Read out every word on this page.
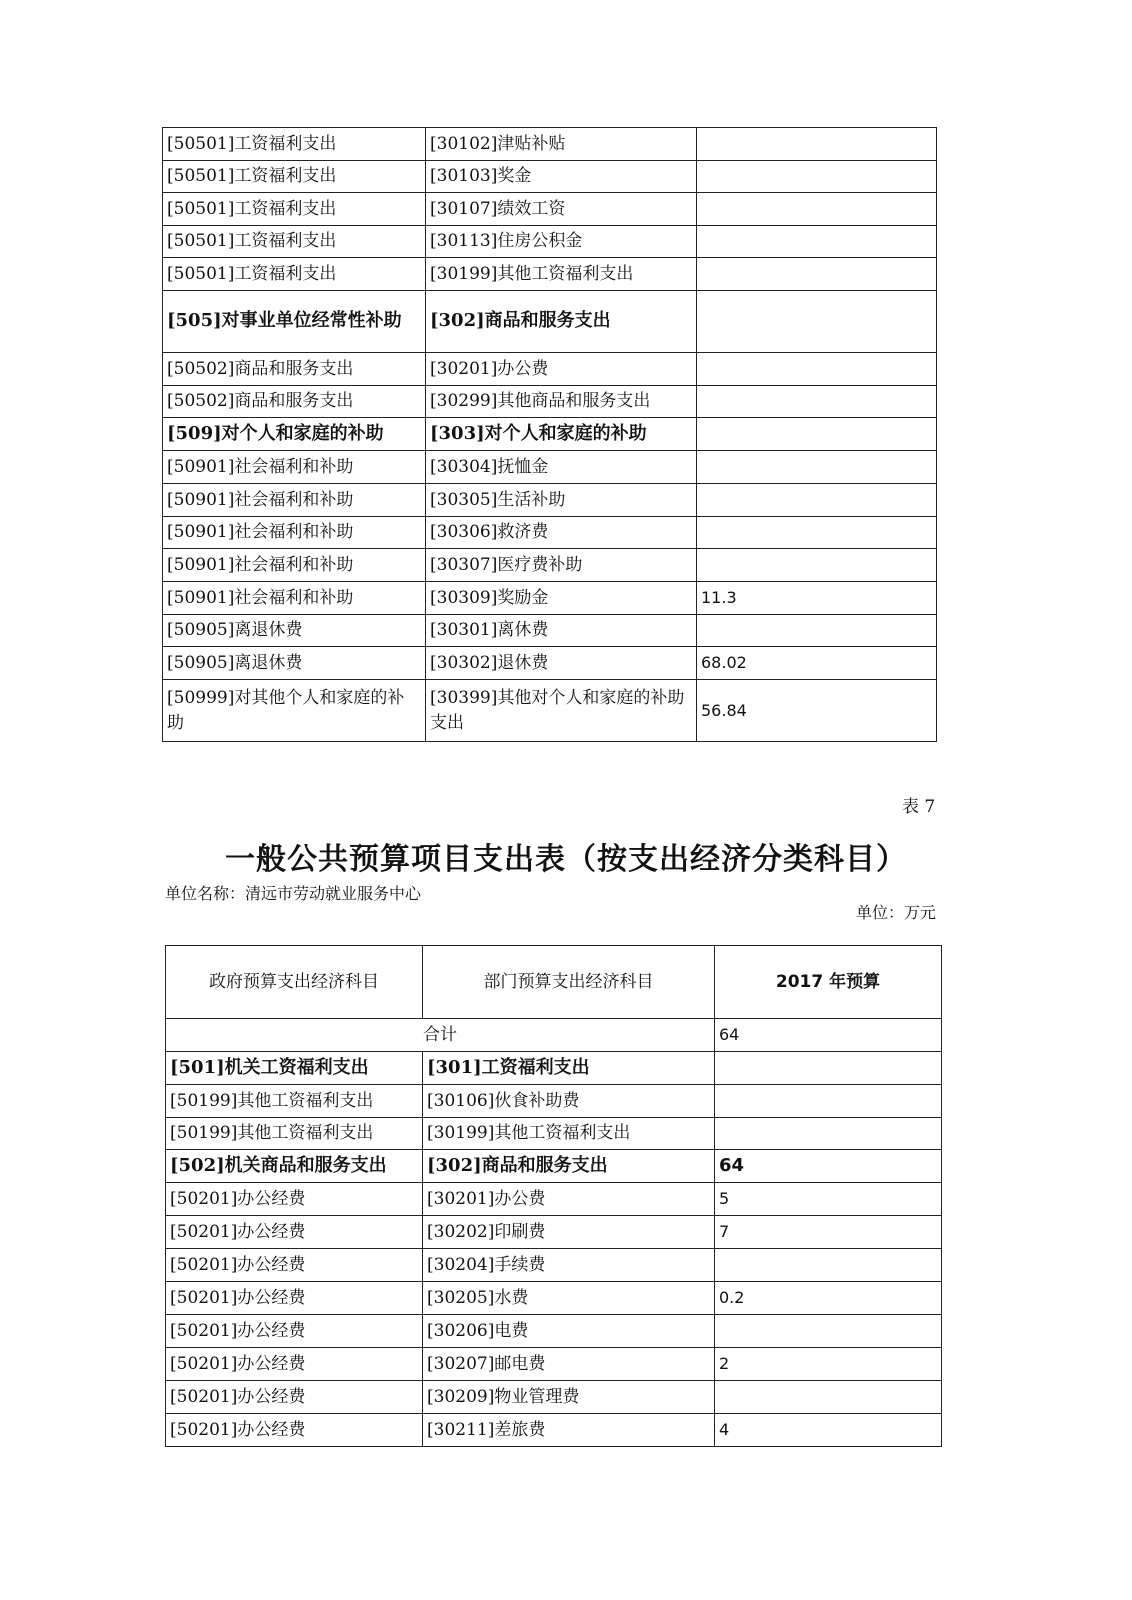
[50501]工资福利支出	[30102]津贴补贴	
[50501]工资福利支出	[30103]奖金	
[50501]工资福利支出	[30107]绩效工资	
[50501]工资福利支出	[30113]住房公积金	
[50501]工资福利支出	[30199]其他工资福利支出	
[505]对事业单位经常性补助	[302]商品和服务支出	
[50502]商品和服务支出	[30201]办公费	
[50502]商品和服务支出	[30299]其他商品和服务支出	
[509]对个人和家庭的补助	[303]对个人和家庭的补助	
[50901]社会福利和补助	[30304]抚恤金	
[50901]社会福利和补助	[30305]生活补助	
[50901]社会福利和补助	[30306]救济费	
[50901]社会福利和补助	[30307]医疗费补助	
[50901]社会福利和补助	[30309]奖励金	11.3
[50905]离退休费	[30301]离休费	
[50905]离退休费	[30302]退休费	68.02
[50999]对其他个人和家庭的补助	[30399]其他对个人和家庭的补助支出	56.84
表 7
一般公共预算项目支出表（按支出经济分类科目）
单位名称：清远市劳动就业服务中心
单位：万元
政府预算支出经济科目	部门预算支出经济科目	2017 年预算
合计		64
[501]机关工资福利支出	[301]工资福利支出	
[50199]其他工资福利支出	[30106]伙食补助费	
[50199]其他工资福利支出	[30199]其他工资福利支出	
[502]机关商品和服务支出	[302]商品和服务支出	64
[50201]办公经费	[30201]办公费	5
[50201]办公经费	[30202]印刷费	7
[50201]办公经费	[30204]手续费	
[50201]办公经费	[30205]水费	0.2
[50201]办公经费	[30206]电费	
[50201]办公经费	[30207]邮电费	2
[50201]办公经费	[30209]物业管理费	
[50201]办公经费	[30211]差旅费	4
